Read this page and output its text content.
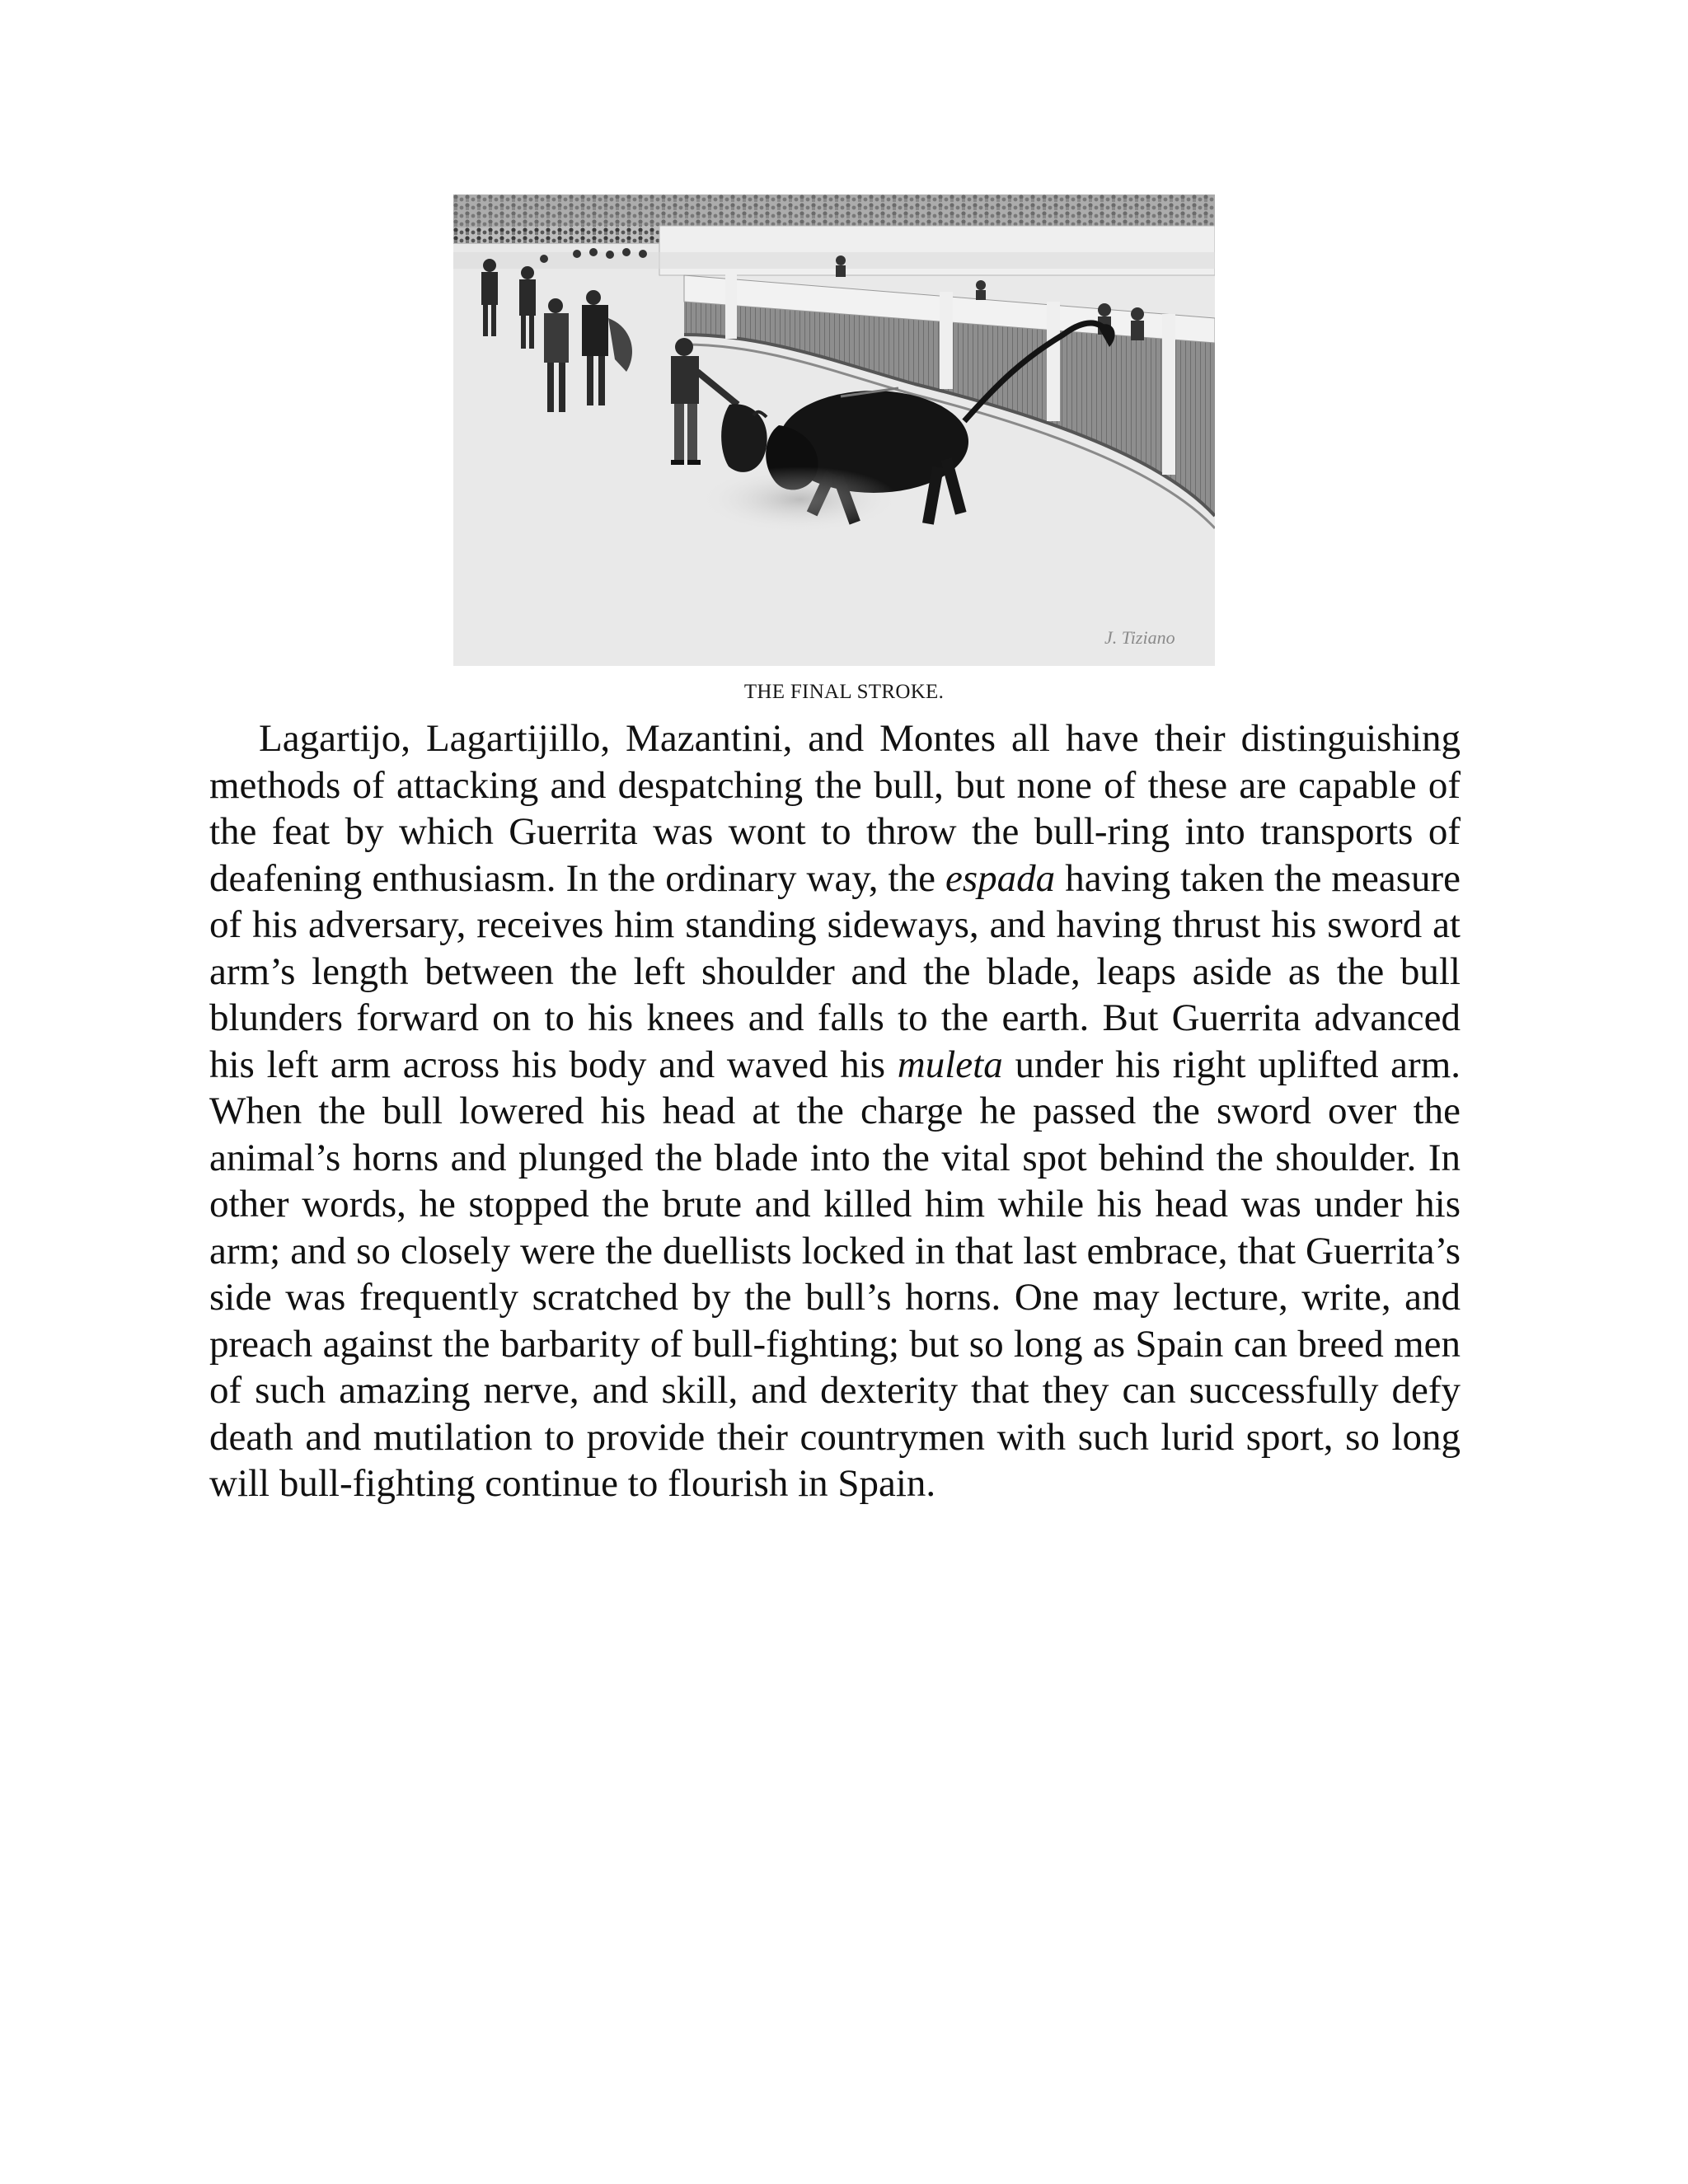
J. Tiziano
THE FINAL STROKE.

Lagartijo, Lagartijillo, Mazantini, and Montes all have their distinguishing methods of attacking and despatching the bull, but none of these are capable of the feat by which Guerrita was wont to throw the bull-ring into transports of deafening enthusiasm. In the ordinary way, the espada having taken the measure of his adversary, receives him standing sideways, and having thrust his sword at arm’s length between the left shoulder and the blade, leaps aside as the bull blunders forward on to his knees and falls to the earth. But Guerrita advanced his left arm across his body and waved his muleta under his right uplifted arm. When the bull lowered his head at the charge he passed the sword over the animal’s horns and plunged the blade into the vital spot behind the shoulder. In other words, he stopped the brute and killed him while his head was under his arm; and so closely were the duellists locked in that last embrace, that Guerrita’s side was frequently scratched by the bull’s horns. One may lecture, write, and preach against the barbarity of bull-fighting; but so long as Spain can breed men of such amazing nerve, and skill, and dexterity that they can successfully defy death and mutilation to provide their countrymen with such lurid sport, so long will bull-fighting continue to flourish in Spain.
